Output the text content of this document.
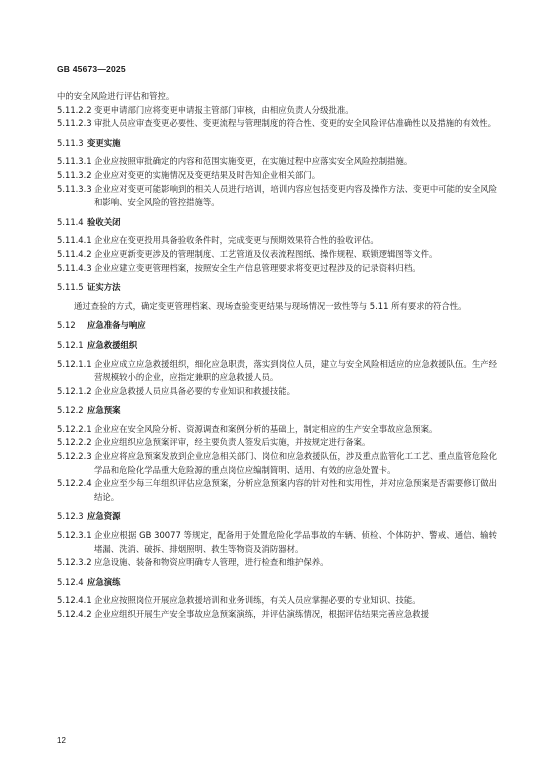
GB 45673—2025

中的安全风险进行评估和管控。

5.11.2.2 变更申请部门应将变更申请报主管部门审核，由相应负责人分级批准。
5.11.2.3 审批人员应审查变更必要性、变更流程与管理制度的符合性、变更的安全风险评估准确性以及措施的有效性。
5.11.3 变更实施
5.11.3.1 企业应按照审批确定的内容和范围实施变更，在实施过程中应落实安全风险控制措施。
5.11.3.2 企业应对变更的实施情况及变更结果及时告知企业相关部门。
5.11.3.3 企业应对变更可能影响到的相关人员进行培训，培训内容应包括变更内容及操作方法、变更中可能的安全风险和影响、安全风险的管控措施等。
5.11.4 验收关闭
5.11.4.1 企业应在变更投用具备验收条件时，完成变更与预期效果符合性的验收评估。
5.11.4.2 企业应更新变更涉及的管理制度、工艺管道及仪表流程图纸、操作规程、联锁逻辑图等文件。
5.11.4.3 企业应建立变更管理档案，按照安全生产信息管理要求将变更过程涉及的记录资料归档。
5.11.5 证实方法

通过查验的方式，确定变更管理档案、现场查验变更结果与现场情况一致性等与 5.11 所有要求的符合性。

5.12	应急准备与响应
5.12.1 应急救援组织
5.12.1.1 企业应成立应急救援组织，细化应急职责，落实到岗位人员，建立与安全风险相适应的应急救援队伍。生产经营规模较小的企业，应指定兼职的应急救援人员。
5.12.1.2 企业应急救援人员应具备必要的专业知识和救援技能。
5.12.2 应急预案
5.12.2.1 企业应在安全风险分析、资源调查和案例分析的基础上，制定相应的生产安全事故应急预案。
5.12.2.2 企业应组织应急预案评审，经主要负责人签发后实施，并按规定进行备案。
5.12.2.3 企业应将应急预案发放到企业应急相关部门、岗位和应急救援队伍，涉及重点监管化工工艺、重点监管危险化学品和危险化学品重大危险源的重点岗位应编制简明、适用、有效的应急处置卡。
5.12.2.4 企业应至少每三年组织评估应急预案，分析应急预案内容的针对性和实用性，并对应急预案是否需要修订做出结论。
5.12.3 应急资源
5.12.3.1 企业应根据 GB 30077 等规定，配备用于处置危险化学品事故的车辆、侦检、个体防护、警戒、通信、输转堵漏、洗消、破拆、排烟照明、救生等物资及消防器材。
5.12.3.2 应急设施、装备和物资应明确专人管理，进行检查和维护保养。
5.12.4 应急演练
5.12.4.1 企业应按照岗位开展应急救援培训和业务训练，有关人员应掌握必要的专业知识、技能。
5.12.4.2 企业应组织开展生产安全事故应急预案演练，并评估演练情况，根据评估结果完善应急救援
12
